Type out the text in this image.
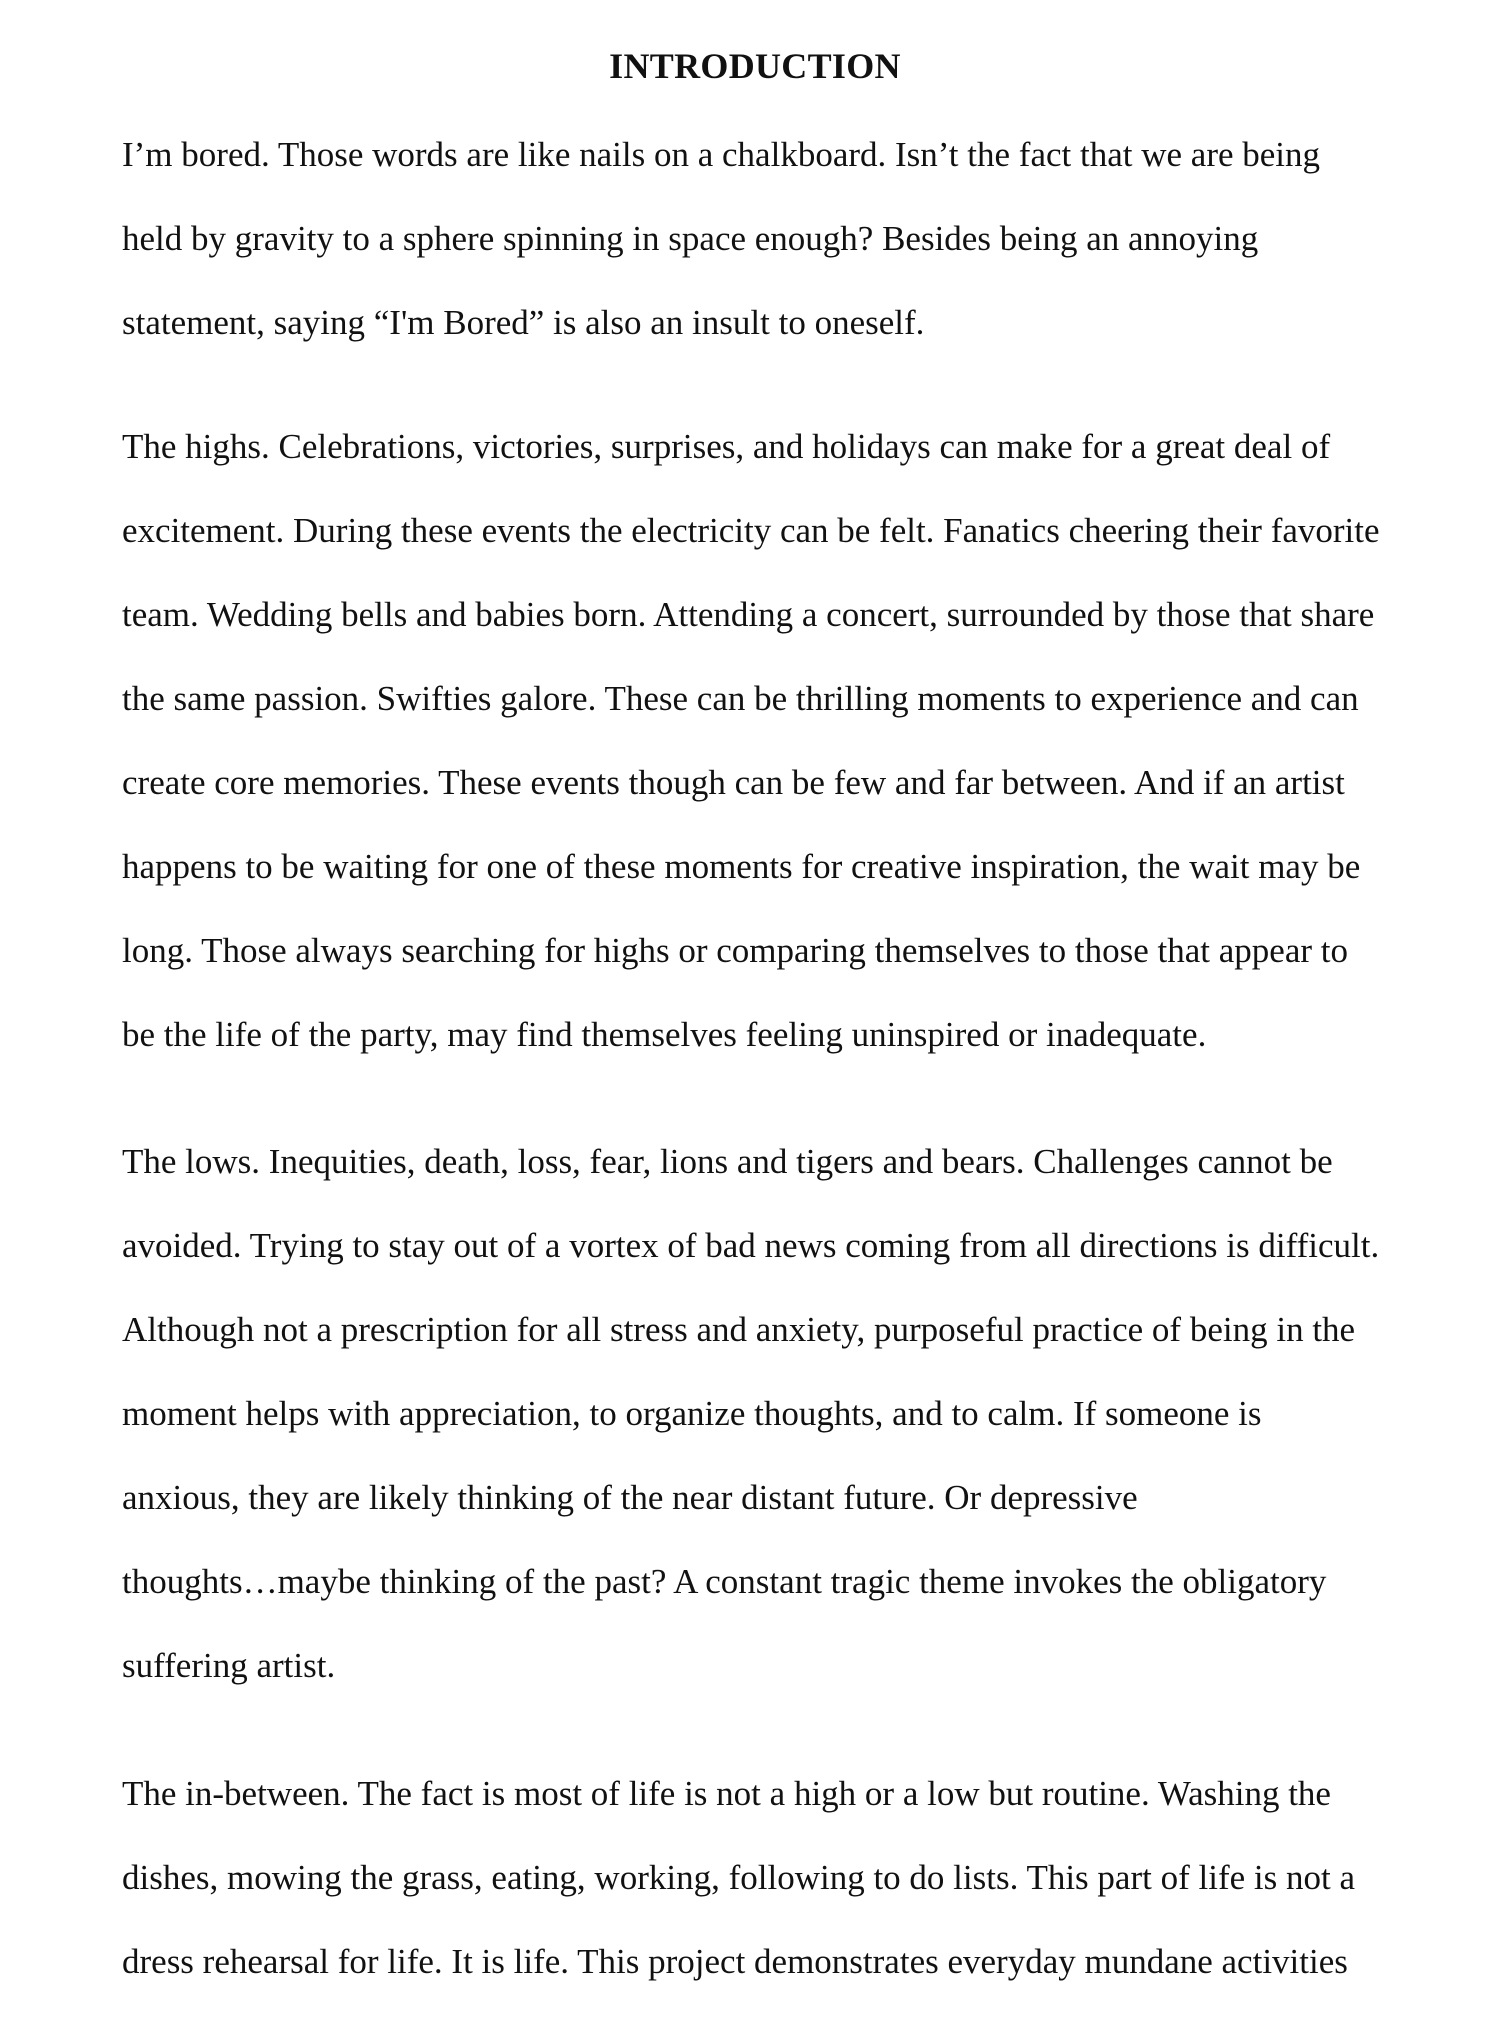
INTRODUCTION
I’m bored. Those words are like nails on a chalkboard. Isn’t the fact that we are being
held by gravity to a sphere spinning in space enough? Besides being an annoying
statement, saying “I'm Bored” is also an insult to oneself.
The highs. Celebrations, victories, surprises, and holidays can make for a great deal of
excitement. During these events the electricity can be felt. Fanatics cheering their favorite
team. Wedding bells and babies born. Attending a concert, surrounded by those that share
the same passion. Swifties galore. These can be thrilling moments to experience and can
create core memories. These events though can be few and far between. And if an artist
happens to be waiting for one of these moments for creative inspiration, the wait may be
long. Those always searching for highs or comparing themselves to those that appear to
be the life of the party, may find themselves feeling uninspired or inadequate.
The lows. Inequities, death, loss, fear, lions and tigers and bears. Challenges cannot be
avoided. Trying to stay out of a vortex of bad news coming from all directions is difficult.
Although not a prescription for all stress and anxiety, purposeful practice of being in the
moment helps with appreciation, to organize thoughts, and to calm. If someone is
anxious, they are likely thinking of the near distant future. Or depressive
thoughts…maybe thinking of the past? A constant tragic theme invokes the obligatory
suffering artist.
The in-between. The fact is most of life is not a high or a low but routine. Washing the
dishes, mowing the grass, eating, working, following to do lists. This part of life is not a
dress rehearsal for life. It is life. This project demonstrates everyday mundane activities
